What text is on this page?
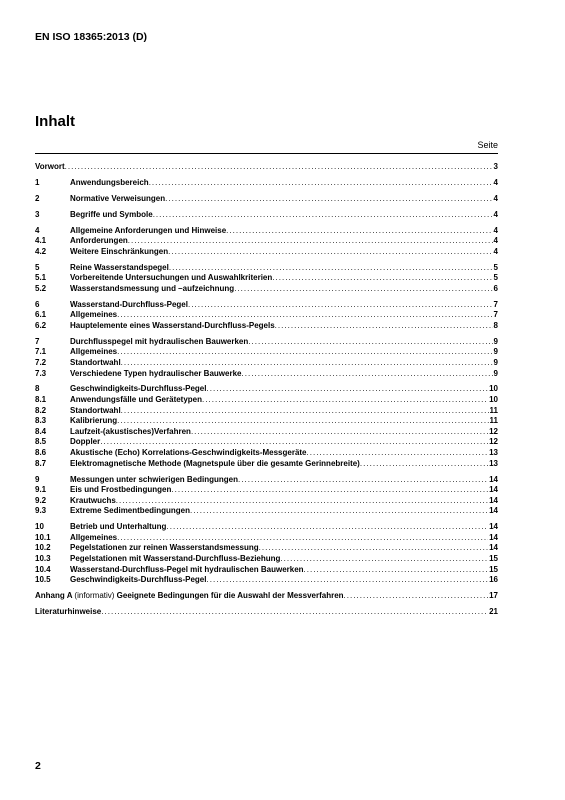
EN ISO 18365:2013 (D)
Inhalt
Seite
Vorwort . . .	3
1	Anwendungsbereich . . .	4
2	Normative Verweisungen . . .	4
3	Begriffe und Symbole . . .	4
4	Allgemeine Anforderungen und Hinweise . . .	4
4.1	Anforderungen . . .	4
4.2	Weitere Einschränkungen . . .	4
5	Reine Wasserstandspegel . . .	5
5.1	Vorbereitende Untersuchungen und Auswahlkriterien . . .	5
5.2	Wasserstandsmessung und –aufzeichnung . . .	6
6	Wasserstand-Durchfluss-Pegel . . .	7
6.1	Allgemeines . . .	7
6.2	Hauptelemente eines Wasserstand-Durchfluss-Pegels . . .	8
7	Durchflusspegel mit hydraulischen Bauwerken . . .	9
7.1	Allgemeines . . .	9
7.2	Standortwahl . . .	9
7.3	Verschiedene Typen hydraulischer Bauwerke . . .	9
8	Geschwindigkeits-Durchfluss-Pegel . . .	10
8.1	Anwendungsfälle und Gerätetypen . . .	10
8.2	Standortwahl . . .	11
8.3	Kalibrierung . . .	11
8.4	Laufzeit-(akustisches)Verfahren . . .	12
8.5	Doppler . . .	12
8.6	Akustische (Echo) Korrelations-Geschwindigkeits-Messgeräte . . .	13
8.7	Elektromagnetische Methode (Magnetspule über die gesamte Gerinnebreite) . . .	13
9	Messungen unter schwierigen Bedingungen . . .	14
9.1	Eis und Frostbedingungen . . .	14
9.2	Krautwuchs . . .	14
9.3	Extreme Sedimentbedingungen . . .	14
10	Betrieb und Unterhaltung . . .	14
10.1	Allgemeines . . .	14
10.2	Pegelstationen zur reinen Wasserstandsmessung . . .	14
10.3	Pegelstationen mit Wasserstand-Durchfluss-Beziehung . . .	15
10.4	Wasserstand-Durchfluss-Pegel mit hydraulischen Bauwerken . . .	15
10.5	Geschwindigkeits-Durchfluss-Pegel . . .	16
Anhang A (informativ) Geeignete Bedingungen für die Auswahl der Messverfahren . . .	17
Literaturhinweise . . .	21
2
